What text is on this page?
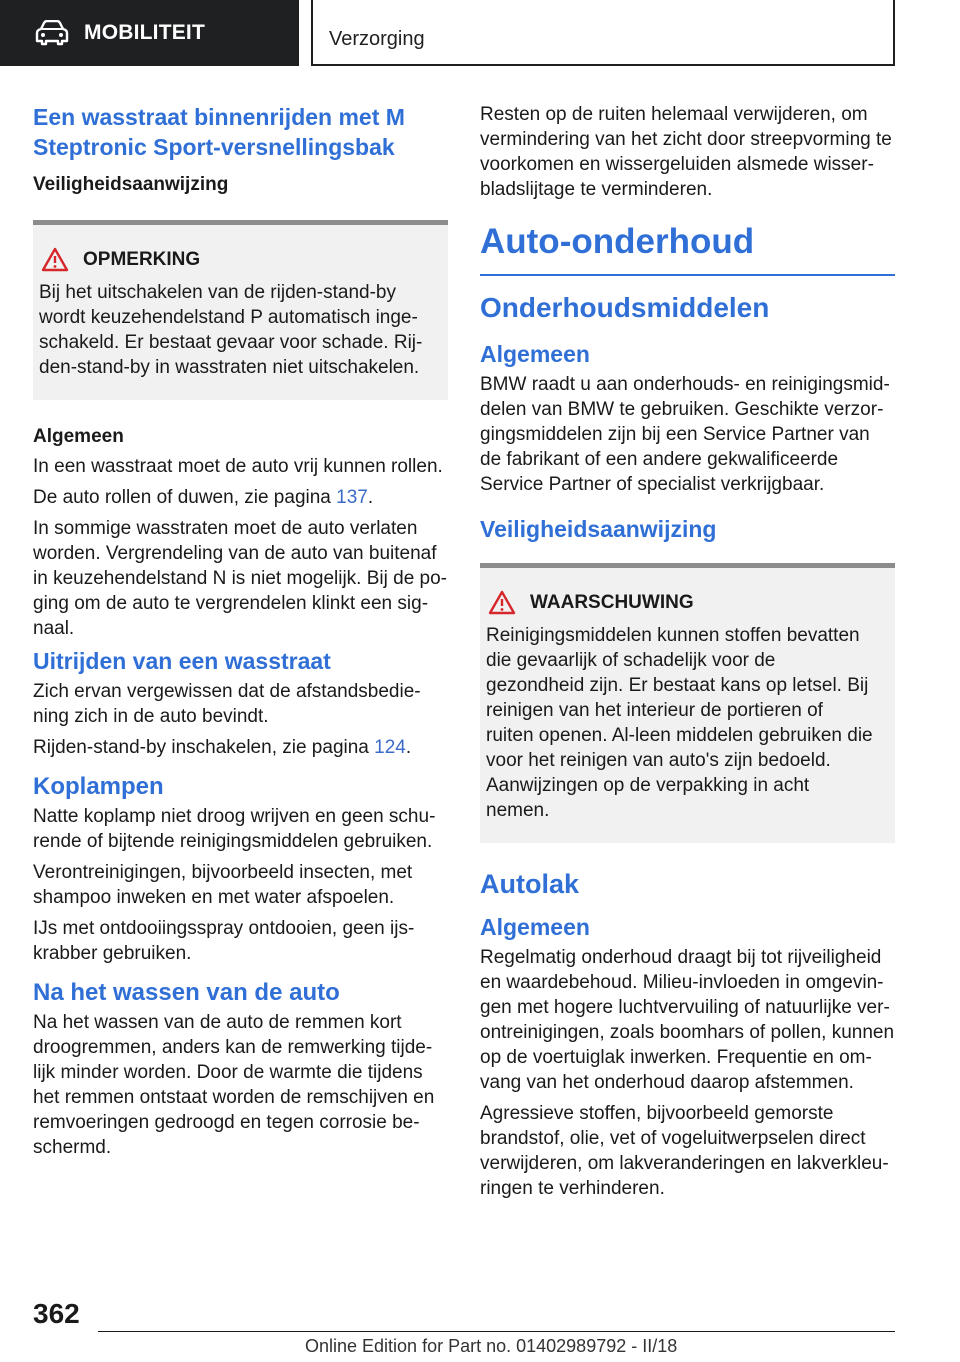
MOBILITEIT	Verzorging
Een wasstraat binnenrijden met M Steptronic Sport-versnellingsbak
Veiligheidsaanwijzing
OPMERKING

Bij het uitschakelen van de rijden-stand-by wordt keuzehendelstand P automatisch inge-schakeld. Er bestaat gevaar voor schade. Rij-den-stand-by in wasstraten niet uitschakelen.

Algemeen

In een wasstraat moet de auto vrij kunnen rollen.

De auto rollen of duwen, zie pagina 137.

In sommige wasstraten moet de auto verlaten worden. Vergrendeling van de auto van buitenaf in keuzehendelstand N is niet mogelijk. Bij de po-ging om de auto te vergrendelen klinkt een sig-naal.

Uitrijden van een wasstraat

Zich ervan vergewissen dat de afstandsbedie-ning zich in de auto bevindt.

Rijden-stand-by inschakelen, zie pagina 124.

Koplampen

Natte koplamp niet droog wrijven en geen schu-rende of bijtende reinigingsmiddelen gebruiken.

Verontreinigingen, bijvoorbeeld insecten, met shampoo inweken en met water afspoelen.

IJs met ontdooiingsspray ontdooien, geen ijs-krabber gebruiken.

Na het wassen van de auto

Na het wassen van de auto de remmen kort droogremmen, anders kan de remwerking tijde-lijk minder worden. Door de warmte die tijdens het remmen ontstaat worden de remschijven en remvoeringen gedroogd en tegen corrosie be-schermd.

Resten op de ruiten helemaal verwijderen, om vermindering van het zicht door streepvorming te voorkomen en wissergeluiden alsmede wisser-bladslijtage te verminderen.

Auto-onderhoud
Onderhoudsmiddelen
Algemeen

BMW raadt u aan onderhouds- en reinigingsmid-delen van BMW te gebruiken. Geschikte verzor-gingsmiddelen zijn bij een Service Partner van de fabrikant of een andere gekwalificeerde Service Partner of specialist verkrijgbaar.

Veiligheidsaanwijzing
WAARSCHUWING

Reinigingsmiddelen kunnen stoffen bevatten die gevaarlijk of schadelijk voor de gezondheid zijn. Er bestaat kans op letsel. Bij reinigen van het interieur de portieren of ruiten openen. Al-leen middelen gebruiken die voor het reinigen van auto's zijn bedoeld. Aanwijzingen op de verpakking in acht nemen.

Autolak
Algemeen

Regelmatig onderhoud draagt bij tot rijveiligheid en waardebehoud. Milieu-invloeden in omgevin-gen met hogere luchtvervuiling of natuurlijke ver-ontreinigingen, zoals boomhars of pollen, kunnen op de voertuiglak inwerken. Frequentie en om-vang van het onderhoud daarop afstemmen.

Agressieve stoffen, bijvoorbeeld gemorste brandstof, olie, vet of vogeluitwerpselen direct verwijderen, om lakveranderingen en lakverkleu-ringen te verhinderen.

362
Online Edition for Part no. 01402989792 - II/18
